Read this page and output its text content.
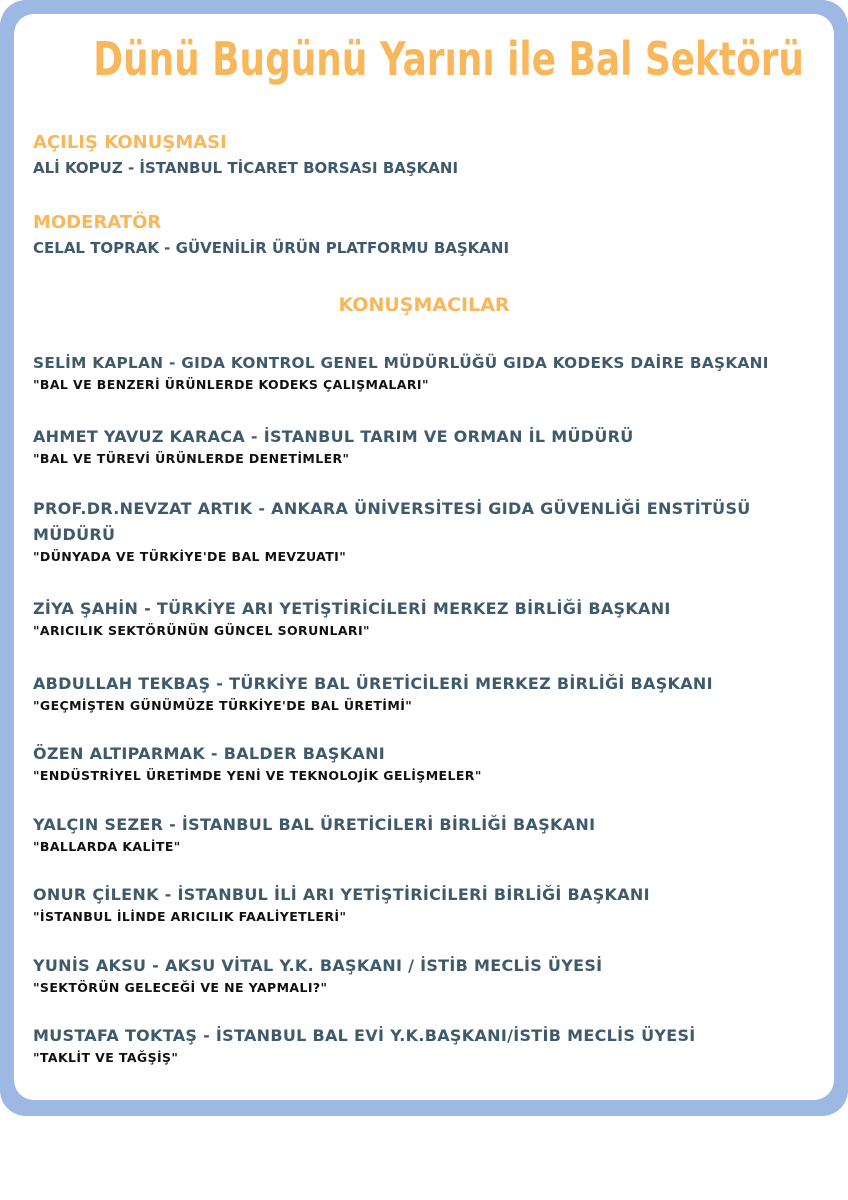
Dünü Bugünü Yarını ile Bal Sektörü
AÇILIŞ KONUŞMASI
ALİ KOPUZ - İSTANBUL TİCARET BORSASI BAŞKANI
MODERATÖR
CELAL TOPRAK - GÜVENİLİR ÜRÜN PLATFORMU BAŞKANI
KONUŞMACILAR
SELİM KAPLAN - GIDA KONTROL GENEL MÜDÜRLÜĞÜ GIDA KODEKS DAİRE BAŞKANI
"BAL VE BENZERİ ÜRÜNLERDE KODEKS ÇALIŞMALARI"
AHMET YAVUZ KARACA - İSTANBUL TARIM VE ORMAN İL MÜDÜRÜ
"BAL VE TÜREVİ ÜRÜNLERDE DENETİMLER"
PROF.DR.NEVZAT ARTIK - ANKARA ÜNİVERSİTESİ GIDA GÜVENLİĞİ ENSTİTÜSÜ MÜDÜRÜ
"DÜNYADA VE TÜRKİYE'DE BAL MEVZUATI"
ZİYA ŞAHİN - TÜRKİYE ARI YETİŞTİRİCİLERİ MERKEZ BİRLİĞİ BAŞKANI
"ARICILIK SEKTÖRÜNÜN GÜNCEL SORUNLARI"
ABDULLAH TEKBAŞ - TÜRKİYE BAL ÜRETİCİLERİ MERKEZ BİRLİĞİ BAŞKANI
"GEÇMİŞTEN GÜNÜMÜZE TÜRKİYE'DE BAL ÜRETİMİ"
ÖZEN ALTIPARMAK - BALDER BAŞKANI
"ENDÜSTRİYEL ÜRETİMDE YENİ VE TEKNOLOJİK GELİŞMELER"
YALÇIN SEZER - İSTANBUL BAL ÜRETİCİLERİ BİRLİĞİ BAŞKANI
"BALLARDA KALİTE"
ONUR ÇİLENK - İSTANBUL İLİ ARI YETİŞTİRİCİLERİ BİRLİĞİ BAŞKANI
"İSTANBUL İLİNDE ARICILIK FAALİYETLERİ"
YUNİS AKSU - AKSU VİTAL Y.K. BAŞKANI / İSTİB MECLİS ÜYESİ
"SEKTÖRÜN GELECEĞİ VE NE YAPMALI?"
MUSTAFA TOKTAŞ - İSTANBUL BAL EVİ Y.K.BAŞKANI/İSTİB MECLİS ÜYESİ
"TAKLİT VE TAĞŞİŞ"
